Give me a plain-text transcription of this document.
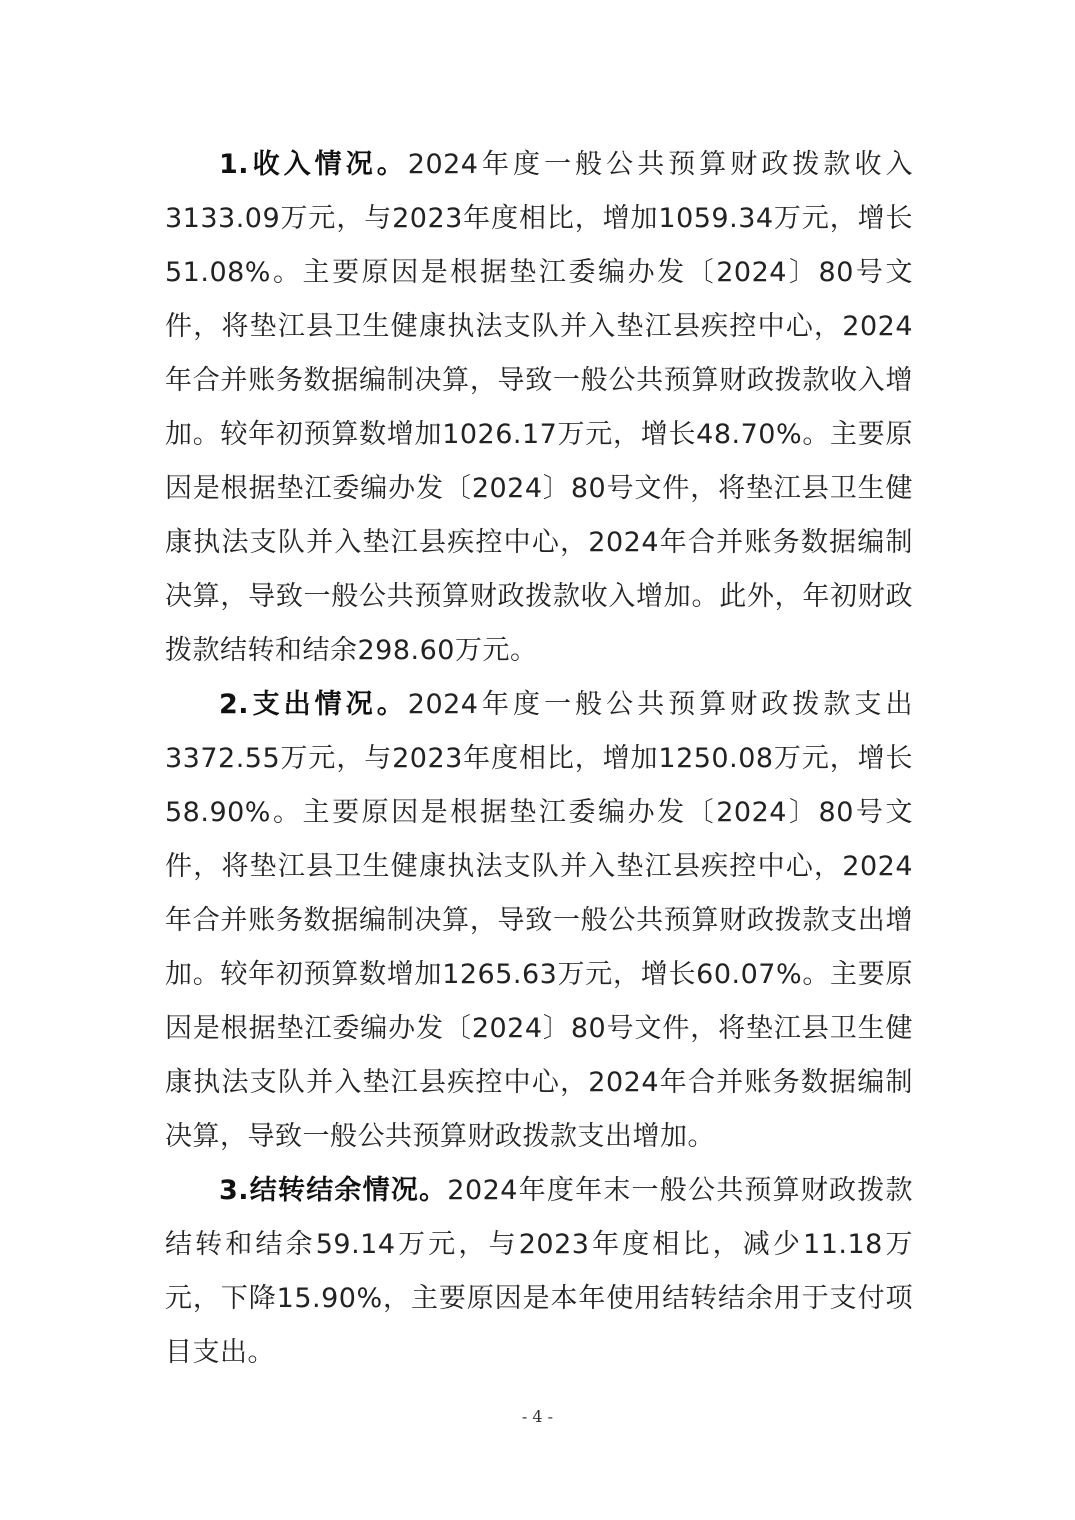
1.收入情况。2024年度一般公共预算财政拨款收入3133.09万元，与2023年度相比，增加1059.34万元，增长51.08%。主要原因是根据垫江委编办发〔2024〕80号文件，将垫江县卫生健康执法支队并入垫江县疾控中心，2024年合并账务数据编制决算，导致一般公共预算财政拨款收入增加。较年初预算数增加1026.17万元，增长48.70%。主要原因是根据垫江委编办发〔2024〕80号文件，将垫江县卫生健康执法支队并入垫江县疾控中心，2024年合并账务数据编制决算，导致一般公共预算财政拨款收入增加。此外，年初财政拨款结转和结余298.60万元。

2.支出情况。2024年度一般公共预算财政拨款支出3372.55万元，与2023年度相比，增加1250.08万元，增长58.90%。主要原因是根据垫江委编办发〔2024〕80号文件，将垫江县卫生健康执法支队并入垫江县疾控中心，2024年合并账务数据编制决算，导致一般公共预算财政拨款支出增加。较年初预算数增加1265.63万元，增长60.07%。主要原因是根据垫江委编办发〔2024〕80号文件，将垫江县卫生健康执法支队并入垫江县疾控中心，2024年合并账务数据编制决算，导致一般公共预算财政拨款支出增加。

3.结转结余情况。2024年度年末一般公共预算财政拨款结转和结余59.14万元，与2023年度相比，减少11.18万元，下降15.90%，主要原因是本年使用结转结余用于支付项目支出。

- 4 -
